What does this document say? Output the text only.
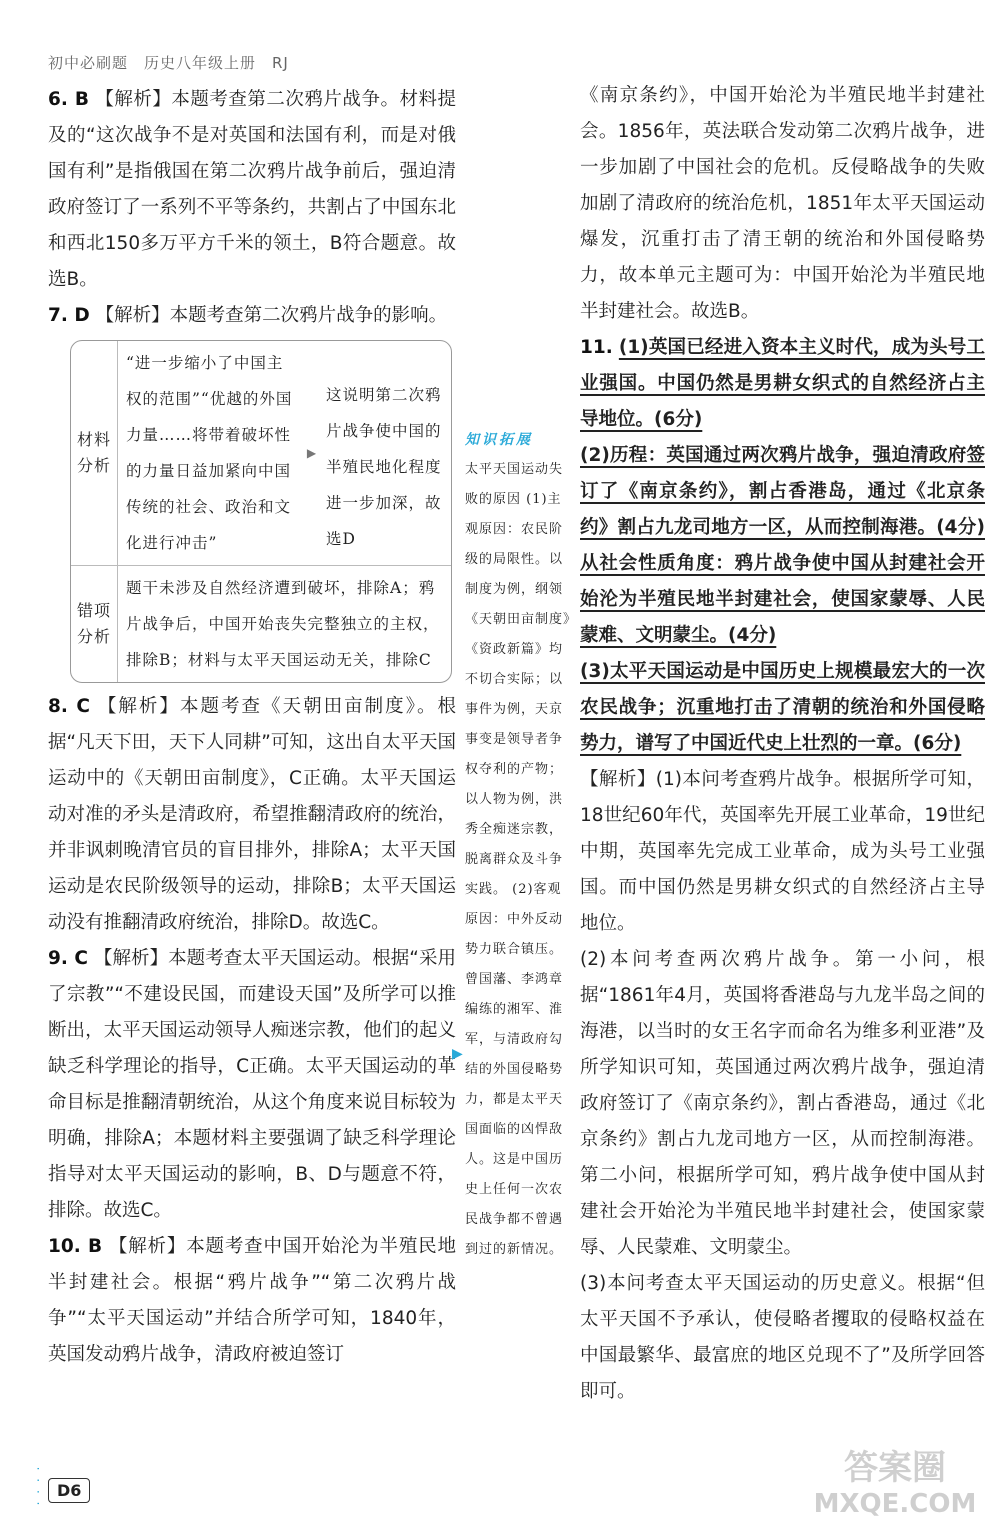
初中必刷题　历史八年级上册　RJ
6. B 【解析】本题考查第二次鸦片战争。材料提及的“这次战争不是对英国和法国有利，而是对俄国有利”是指俄国在第二次鸦片战争前后，强迫清政府签订了一系列不平等条约，共割占了中国东北和西北150多万平方千米的领土，B符合题意。故选B。
7. D 【解析】本题考查第二次鸦片战争的影响。
材料分析
“进一步缩小了中国主权的范围”“优越的外国力量……将带着破坏性的力量日益加紧向中国传统的社会、政治和文化进行冲击”
▶
这说明第二次鸦片战争使中国的半殖民地化程度进一步加深，故选D
错项分析
题干未涉及自然经济遭到破坏，排除A；鸦片战争后，中国开始丧失完整独立的主权，排除B；材料与太平天国运动无关，排除C
8. C 【解析】本题考查《天朝田亩制度》。根据“凡天下田，天下人同耕”可知，这出自太平天国运动中的《天朝田亩制度》，C正确。太平天国运动对准的矛头是清政府，希望推翻清政府的统治，并非讽刺晚清官员的盲目排外，排除A；太平天国运动是农民阶级领导的运动，排除B；太平天国运动没有推翻清政府统治，排除D。故选C。
9. C 【解析】本题考查太平天国运动。根据“采用了宗教”“不建设民国，而建设天国”及所学可以推断出，太平天国运动领导人痴迷宗教，他们的起义缺乏科学理论的指导，C正确。太平天国运动的革命目标是推翻清朝统治，从这个角度来说目标较为明确，排除A；本题材料主要强调了缺乏科学理论指导对太平天国运动的影响，B、D与题意不符，排除。故选C。
10. B 【解析】本题考查中国开始沦为半殖民地半封建社会。根据“鸦片战争”“第二次鸦片战争”“太平天国运动”并结合所学可知，1840年，英国发动鸦片战争，清政府被迫签订
▶
知识拓展
太平天国运动失败的原因 (1)主观原因：农民阶级的局限性。以制度为例，纲领《天朝田亩制度》《资政新篇》均不切合实际；以事件为例，天京事变是领导者争权夺利的产物；以人物为例，洪秀全痴迷宗教，脱离群众及斗争实践。 (2)客观原因：中外反动势力联合镇压。曾国藩、李鸿章编练的湘军、淮军，与清政府勾结的外国侵略势力，都是太平天国面临的凶悍敌人。这是中国历史上任何一次农民战争都不曾遇到过的新情况。
《南京条约》，中国开始沦为半殖民地半封建社会。1856年，英法联合发动第二次鸦片战争，进一步加剧了中国社会的危机。反侵略战争的失败加剧了清政府的统治危机，1851年太平天国运动爆发，沉重打击了清王朝的统治和外国侵略势力，故本单元主题可为：中国开始沦为半殖民地半封建社会。故选B。
11. (1)英国已经进入资本主义时代，成为头号工业强国。中国仍然是男耕女织式的自然经济占主导地位。(6分)
(2)历程：英国通过两次鸦片战争，强迫清政府签订了《南京条约》，割占香港岛，通过《北京条约》割占九龙司地方一区，从而控制海港。(4分)从社会性质角度：鸦片战争使中国从封建社会开始沦为半殖民地半封建社会，使国家蒙辱、人民蒙难、文明蒙尘。(4分)
(3)太平天国运动是中国历史上规模最宏大的一次农民战争；沉重地打击了清朝的统治和外国侵略势力，谱写了中国近代史上壮烈的一章。(6分)
【解析】(1)本问考查鸦片战争。根据所学可知，18世纪60年代，英国率先开展工业革命，19世纪中期，英国率先完成工业革命，成为头号工业强国。而中国仍然是男耕女织式的自然经济占主导地位。
(2)本问考查两次鸦片战争。第一小问，根据“1861年4月，英国将香港岛与九龙半岛之间的海港，以当时的女王名字而命名为维多利亚港”及所学知识可知，英国通过两次鸦片战争，强迫清政府签订了《南京条约》，割占香港岛，通过《北京条约》割占九龙司地方一区，从而控制海港。第二小问，根据所学可知，鸦片战争使中国从封建社会开始沦为半殖民地半封建社会，使国家蒙辱、人民蒙难、文明蒙尘。
(3)本问考查太平天国运动的历史意义。根据“但太平天国不予承认，使侵略者攫取的侵略权益在中国最繁华、最富庶的地区兑现不了”及所学回答即可。
· · · · D6
答案圈
MXQE.COM
